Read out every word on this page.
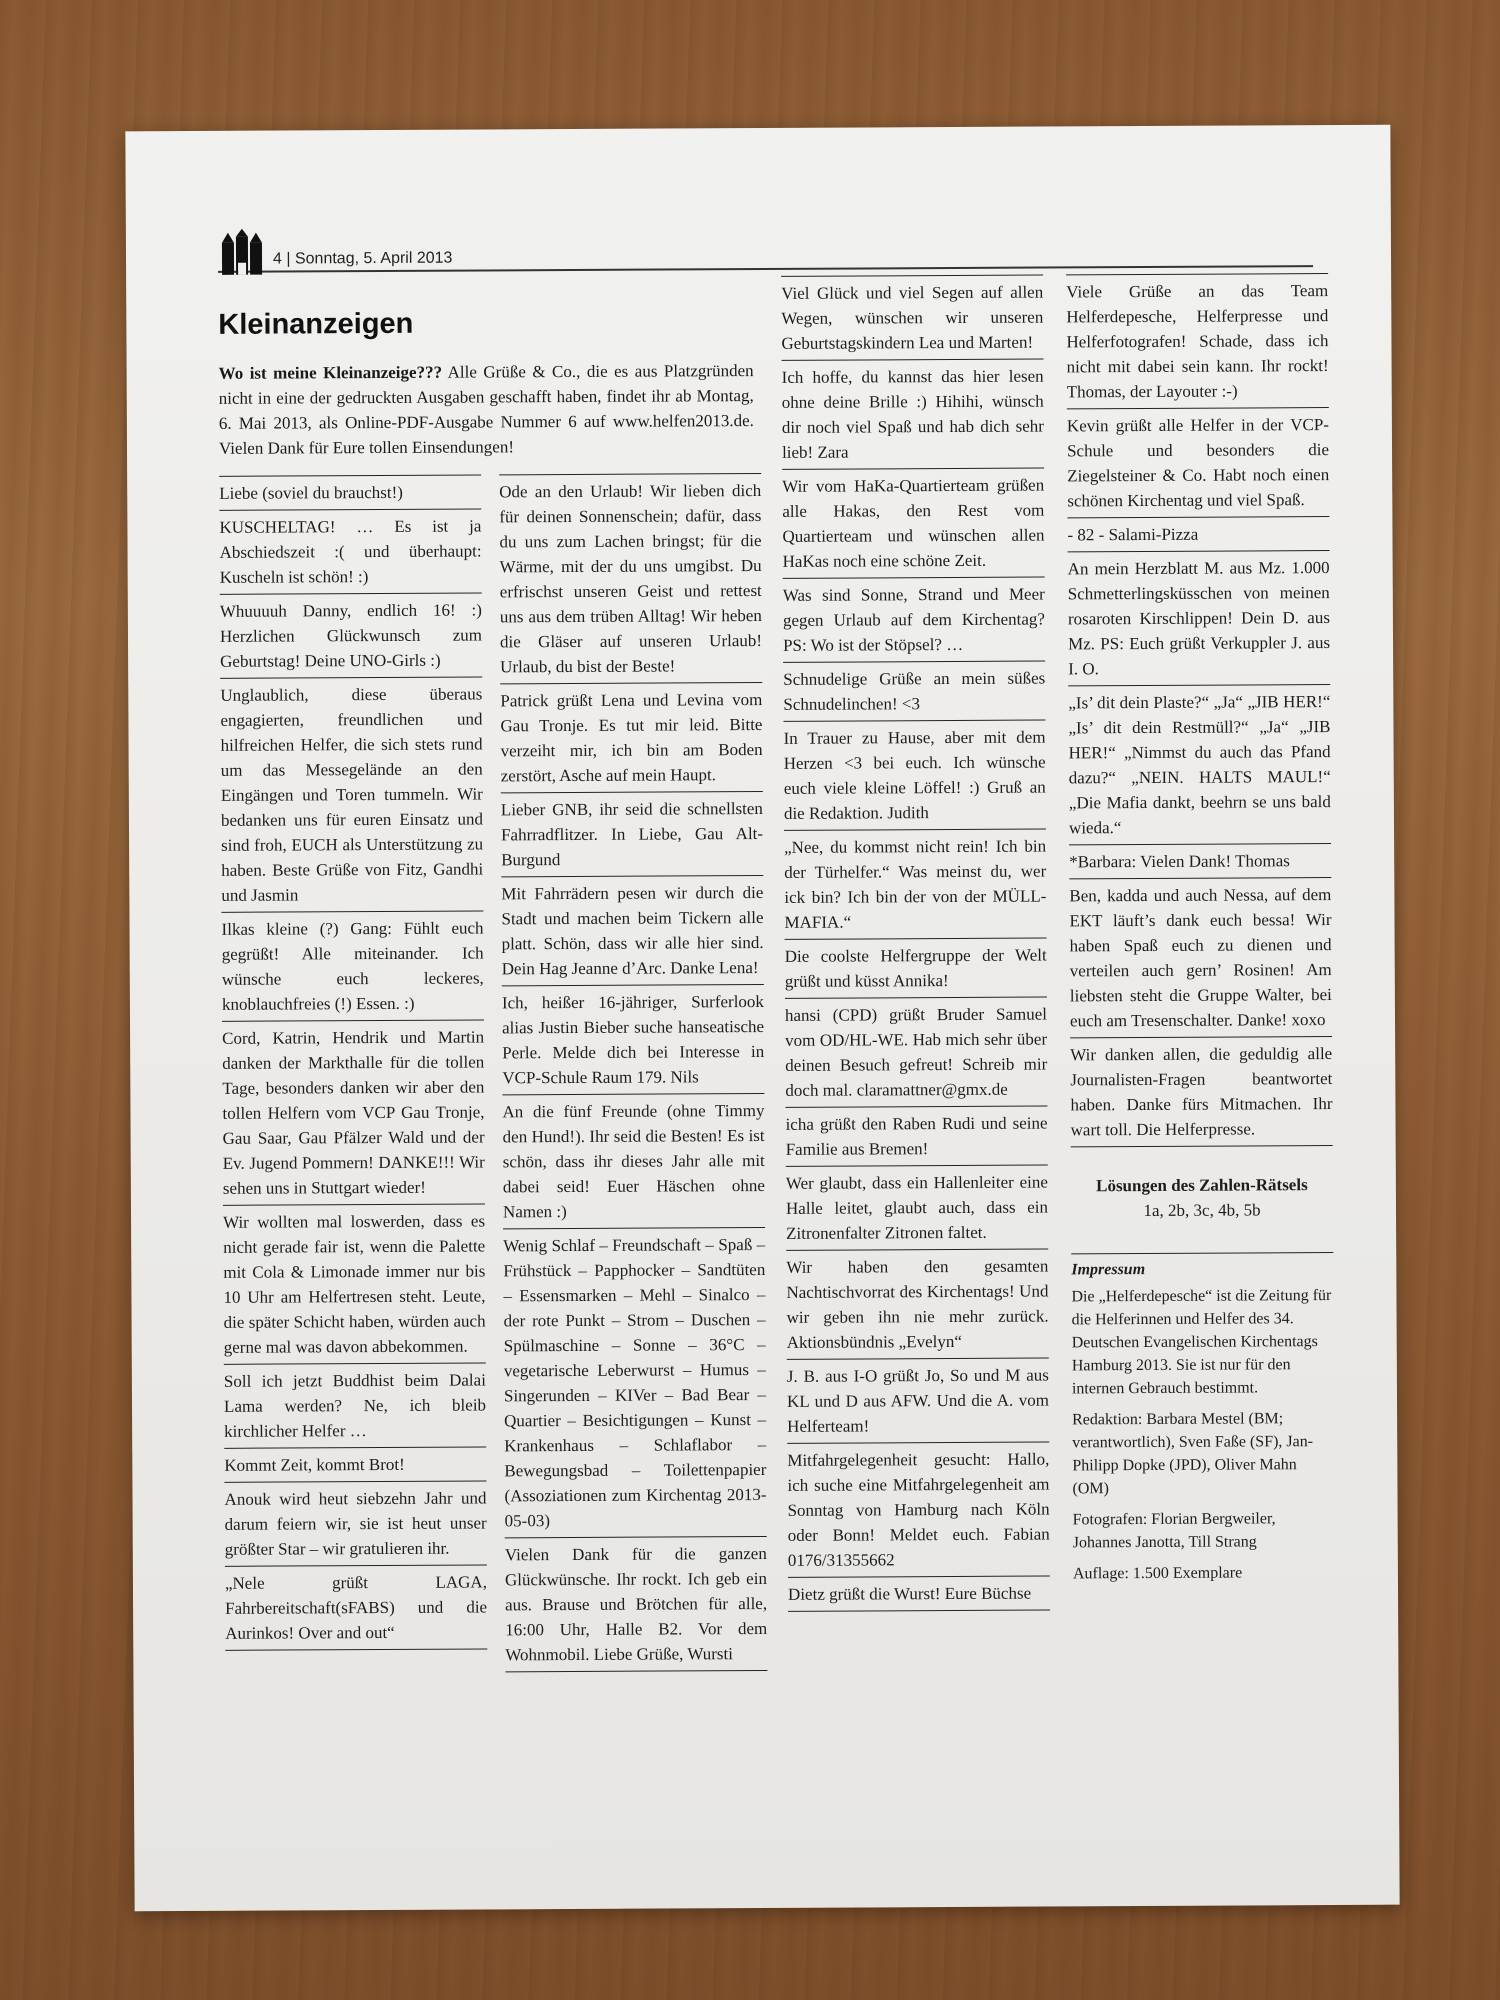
4 | Sonntag, 5. April 2013
Kleinanzeigen

Wo ist meine Kleinanzeige??? Alle Grüße & Co., die es aus Platzgründen nicht in eine der gedruckten Ausgaben geschafft haben, findet ihr ab Montag, 6. Mai 2013, als Online-PDF-Ausgabe Nummer 6 auf www.helfen2013.de. Vielen Dank für Eure tollen Einsendungen!

Liebe (soviel du brauchst!)

KUSCHELTAG! … Es ist ja Abschiedszeit :( und überhaupt: Kuscheln ist schön! :)

Whuuuuh Danny, endlich 16! :) Herzlichen Glückwunsch zum Geburtstag! Deine UNO-Girls :)

Unglaublich, diese überaus engagierten, freundlichen und hilfreichen Helfer, die sich stets rund um das Messegelände an den Eingängen und Toren tummeln. Wir bedanken uns für euren Einsatz und sind froh, EUCH als Unterstützung zu haben. Beste Grüße von Fitz, Gandhi und Jasmin

Ilkas kleine (?) Gang: Fühlt euch gegrüßt! Alle miteinander. Ich wünsche euch leckeres, knoblauchfreies (!) Essen. :)

Cord, Katrin, Hendrik und Martin danken der Markthalle für die tollen Tage, besonders danken wir aber den tollen Helfern vom VCP Gau Tronje, Gau Saar, Gau Pfälzer Wald und der Ev. Jugend Pommern! DANKE!!! Wir sehen uns in Stuttgart wieder!

Wir wollten mal loswerden, dass es nicht gerade fair ist, wenn die Palette mit Cola & Limonade immer nur bis 10 Uhr am Helfertresen steht. Leute, die später Schicht haben, würden auch gerne mal was davon abbekommen.

Soll ich jetzt Buddhist beim Dalai Lama werden? Ne, ich bleib kirchlicher Helfer …

Kommt Zeit, kommt Brot!

Anouk wird heut siebzehn Jahr und darum feiern wir, sie ist heut unser größter Star – wir gratulieren ihr.

„Nele grüßt LAGA, Fahrbereitschaft(sFABS) und die Aurinkos! Over and out“

Ode an den Urlaub! Wir lieben dich für deinen Sonnenschein; dafür, dass du uns zum Lachen bringst; für die Wärme, mit der du uns umgibst. Du erfrischst unseren Geist und rettest uns aus dem trüben Alltag! Wir heben die Gläser auf unseren Urlaub! Urlaub, du bist der Beste!

Patrick grüßt Lena und Levina vom Gau Tronje. Es tut mir leid. Bitte verzeiht mir, ich bin am Boden zerstört, Asche auf mein Haupt.

Lieber GNB, ihr seid die schnellsten Fahrradflitzer. In Liebe, Gau Alt-Burgund

Mit Fahrrädern pesen wir durch die Stadt und machen beim Tickern alle platt. Schön, dass wir alle hier sind. Dein Hag Jeanne d’Arc. Danke Lena!

Ich, heißer 16-jähriger, Surferlook alias Justin Bieber suche hanseatische Perle. Melde dich bei Interesse in VCP-Schule Raum 179. Nils

An die fünf Freunde (ohne Timmy den Hund!). Ihr seid die Besten! Es ist schön, dass ihr dieses Jahr alle mit dabei seid! Euer Häschen ohne Namen :)

Wenig Schlaf – Freundschaft – Spaß – Frühstück – Papphocker – Sandtüten – Essensmarken – Mehl – Sinalco – der rote Punkt – Strom – Duschen – Spülmaschine – Sonne – 36°C – vegetarische Leberwurst – Humus – Singerunden – KIVer – Bad Bear – Quartier – Besichtigungen – Kunst – Krankenhaus – Schlaflabor – Bewegungsbad – Toilettenpapier (Assoziationen zum Kirchentag 2013-05-03)

Vielen Dank für die ganzen Glückwünsche. Ihr rockt. Ich geb ein aus. Brause und Brötchen für alle, 16:00 Uhr, Halle B2. Vor dem Wohnmobil. Liebe Grüße, Wursti

Viel Glück und viel Segen auf allen Wegen, wünschen wir unseren Geburtstagskindern Lea und Marten!

Ich hoffe, du kannst das hier lesen ohne deine Brille :) Hihihi, wünsch dir noch viel Spaß und hab dich sehr lieb! Zara

Wir vom HaKa-Quartierteam grüßen alle Hakas, den Rest vom Quartierteam und wünschen allen HaKas noch eine schöne Zeit.

Was sind Sonne, Strand und Meer gegen Urlaub auf dem Kirchentag? PS: Wo ist der Stöpsel? …

Schnudelige Grüße an mein süßes Schnudelinchen! <3

In Trauer zu Hause, aber mit dem Herzen <3 bei euch. Ich wünsche euch viele kleine Löffel! :) Gruß an die Redaktion. Judith

„Nee, du kommst nicht rein! Ich bin der Türhelfer.“ Was meinst du, wer ick bin? Ich bin der von der MÜLL-MAFIA.“

Die coolste Helfergruppe der Welt grüßt und küsst Annika!

hansi (CPD) grüßt Bruder Samuel vom OD/HL-WE. Hab mich sehr über deinen Besuch gefreut! Schreib mir doch mal. claramattner@gmx.de

icha grüßt den Raben Rudi und seine Familie aus Bremen!

Wer glaubt, dass ein Hallenleiter eine Halle leitet, glaubt auch, dass ein Zitronenfalter Zitronen faltet.

Wir haben den gesamten Nachtischvorrat des Kirchentags! Und wir geben ihn nie mehr zurück. Aktionsbündnis „Evelyn“

J. B. aus I-O grüßt Jo, So und M aus KL und D aus AFW. Und die A. vom Helferteam!

Mitfahrgelegenheit gesucht: Hallo, ich suche eine Mitfahrgelegenheit am Sonntag von Hamburg nach Köln oder Bonn! Meldet euch. Fabian 0176/31355662

Dietz grüßt die Wurst! Eure Büchse

Viele Grüße an das Team Helferdepesche, Helferpresse und Helferfotografen! Schade, dass ich nicht mit dabei sein kann. Ihr rockt! Thomas, der Layouter :-)

Kevin grüßt alle Helfer in der VCP-Schule und besonders die Ziegelsteiner & Co. Habt noch einen schönen Kirchentag und viel Spaß.

- 82 - Salami-Pizza

An mein Herzblatt M. aus Mz. 1.000 Schmetterlingsküsschen von meinen rosaroten Kirschlippen! Dein D. aus Mz. PS: Euch grüßt Verkuppler J. aus I. O.

„Is’ dit dein Plaste?“ „Ja“ „JIB HER!“ „Is’ dit dein Restmüll?“ „Ja“ „JIB HER!“ „Nimmst du auch das Pfand dazu?“ „NEIN. HALTS MAUL!“ „Die Mafia dankt, beehrn se uns bald wieda.“

*Barbara: Vielen Dank! Thomas

Ben, kadda und auch Nessa, auf dem EKT läuft’s dank euch bessa! Wir haben Spaß euch zu dienen und verteilen auch gern’ Rosinen! Am liebsten steht die Gruppe Walter, bei euch am Tresenschalter. Danke! xoxo

Wir danken allen, die geduldig alle Journalisten-Fragen beantwortet haben. Danke fürs Mitmachen. Ihr wart toll. Die Helferpresse.

Lösungen des Zahlen-Rätsels
1a, 2b, 3c, 4b, 5b
Impressum

Die „Helferdepesche“ ist die Zeitung für die Helferinnen und Helfer des 34. Deutschen Evangelischen Kirchentags Hamburg 2013. Sie ist nur für den internen Gebrauch bestimmt.

Redaktion: Barbara Mestel (BM; verantwortlich), Sven Faße (SF), Jan-Philipp Dopke (JPD), Oliver Mahn (OM)

Fotografen: Florian Bergweiler, Johannes Janotta, Till Strang

Auflage: 1.500 Exemplare
